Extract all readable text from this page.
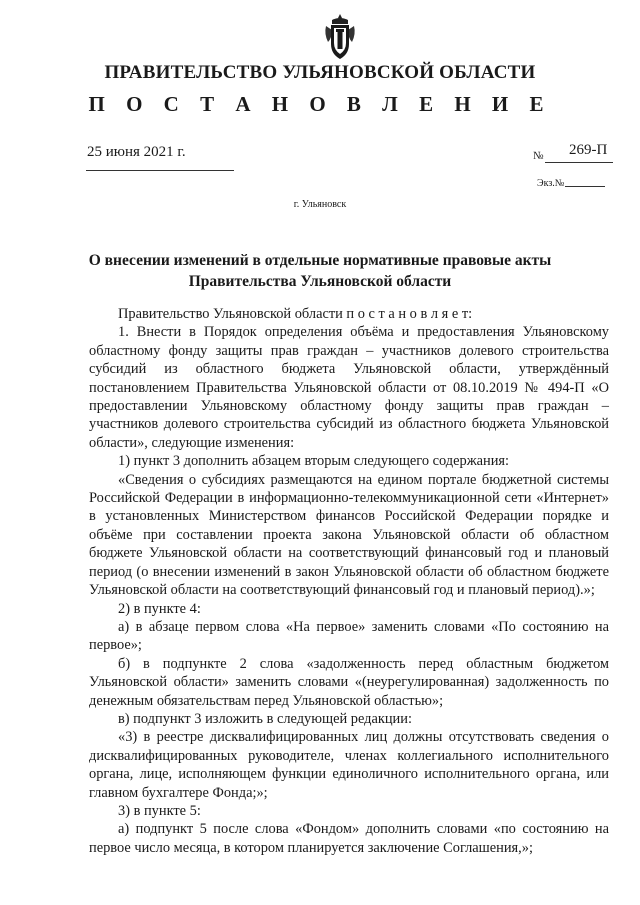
ПРАВИТЕЛЬСТВО УЛЬЯНОВСКОЙ ОБЛАСТИ
П О С Т А Н О В Л Е Н И Е
25 июня 2021 г.	№ 269-П
Экз.№
г. Ульяновск
О внесении изменений в отдельные нормативные правовые акты
Правительства Ульяновской области

Правительство Ульяновской области п о с т а н о в л я е т:

1. Внести в Порядок определения объёма и предоставления Ульяновскому областному фонду защиты прав граждан – участников долевого строительства субсидий из областного бюджета Ульяновской области, утверждённый постановлением Правительства Ульяновской области от 08.10.2019 № 494-П «О предоставлении Ульяновскому областному фонду защиты прав граждан – участников долевого строительства субсидий из областного бюджета Ульяновской области», следующие изменения:

1) пункт 3 дополнить абзацем вторым следующего содержания:

«Сведения о субсидиях размещаются на едином портале бюджетной системы Российской Федерации в информационно-телекоммуникационной сети «Интернет» в установленных Министерством финансов Российской Федерации порядке и объёме при составлении проекта закона Ульяновской области об областном бюджете Ульяновской области на соответствующий финансовый год и плановый период (о внесении изменений в закон Ульяновской области об областном бюджете Ульяновской области на соответствующий финансовый год и плановый период).»;

2) в пункте 4:

а) в абзаце первом слова «На первое» заменить словами «По состоянию на первое»;

б) в подпункте 2 слова «задолженность перед областным бюджетом Ульяновской области» заменить словами «(неурегулированная) задолженность по денежным обязательствам перед Ульяновской областью»;

в) подпункт 3 изложить в следующей редакции:

«3) в реестре дисквалифицированных лиц должны отсутствовать сведения о дисквалифицированных руководителе, членах коллегиального исполнительного органа, лице, исполняющем функции единоличного исполнительного органа, или главном бухгалтере Фонда;»;

3) в пункте 5:

а) подпункт 5 после слова «Фондом» дополнить словами «по состоянию на первое число месяца, в котором планируется заключение Соглашения,»;
